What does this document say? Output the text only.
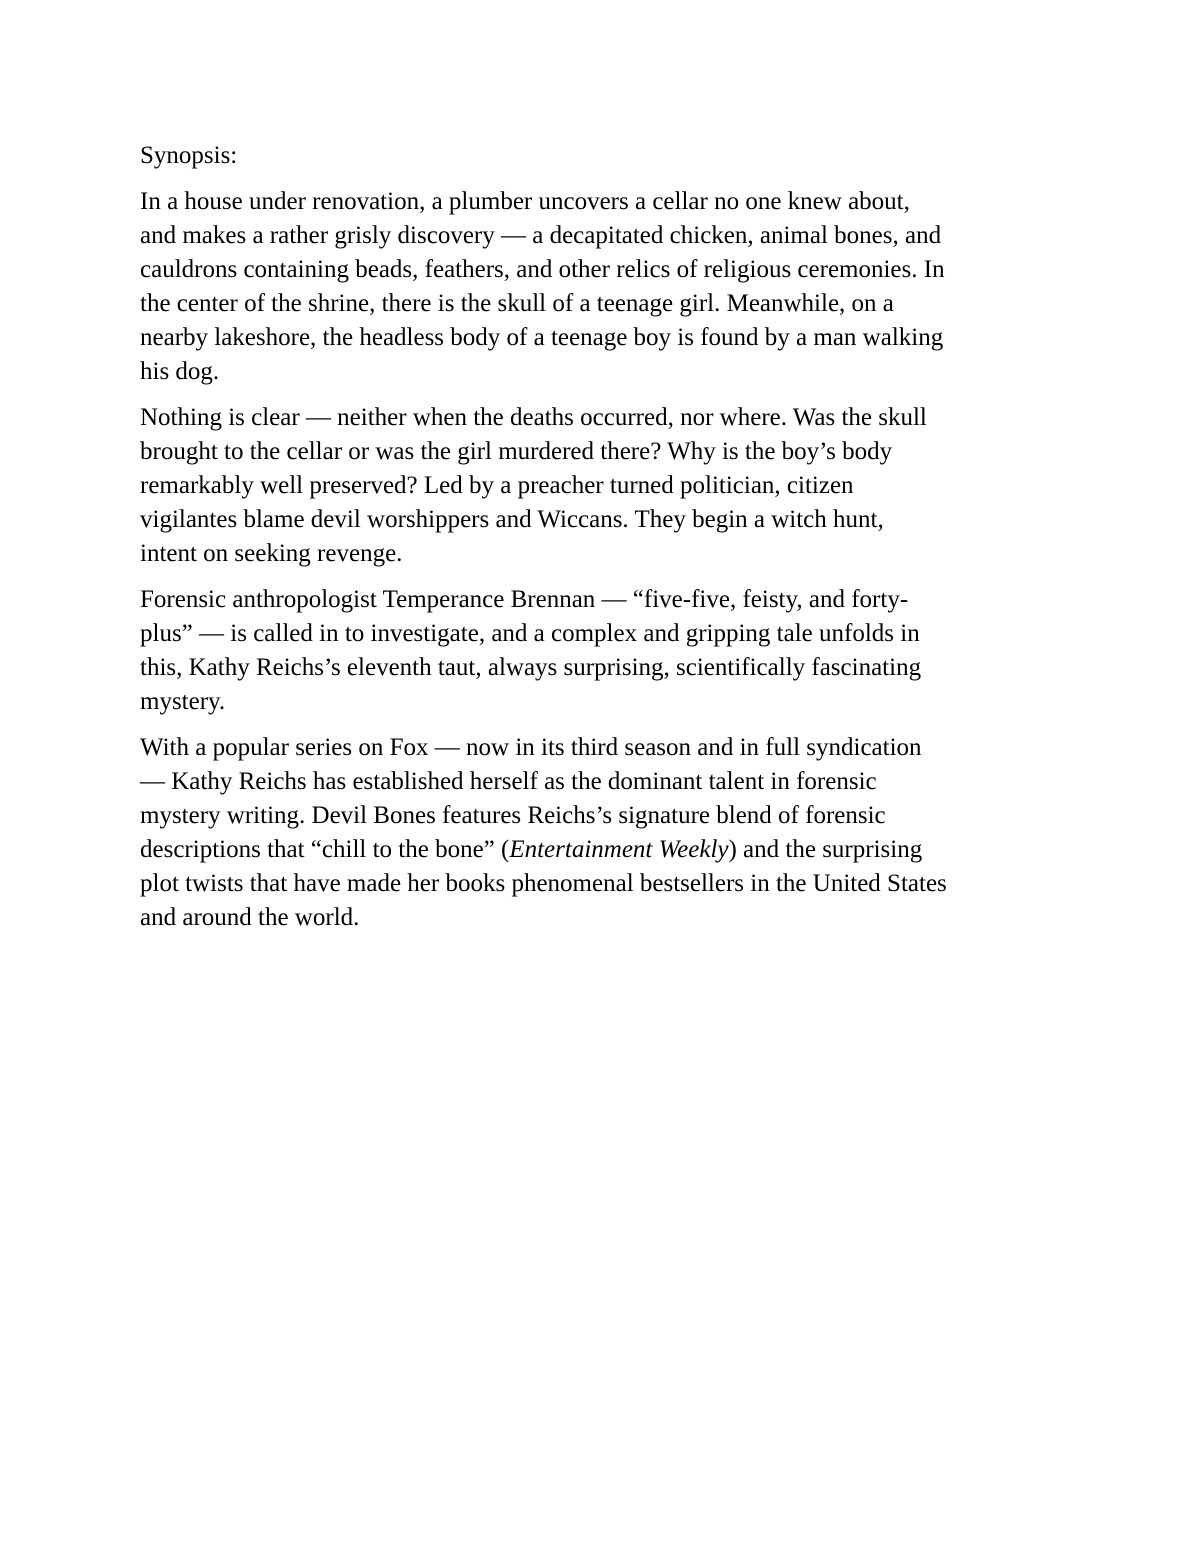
Synopsis:

In a house under renovation, a plumber uncovers a cellar no one knew about,
and makes a rather grisly discovery — a decapitated chicken, animal bones, and
cauldrons containing beads, feathers, and other relics of religious ceremonies. In
the center of the shrine, there is the skull of a teenage girl. Meanwhile, on a
nearby lakeshore, the headless body of a teenage boy is found by a man walking
his dog.

Nothing is clear — neither when the deaths occurred, nor where. Was the skull
brought to the cellar or was the girl murdered there? Why is the boy’s body
remarkably well preserved? Led by a preacher turned politician, citizen
vigilantes blame devil worshippers and Wiccans. They begin a witch hunt,
intent on seeking revenge.

Forensic anthropologist Temperance Brennan — “five-five, feisty, and forty-
plus” — is called in to investigate, and a complex and gripping tale unfolds in
this, Kathy Reichs’s eleventh taut, always surprising, scientifically fascinating
mystery.

With a popular series on Fox — now in its third season and in full syndication
— Kathy Reichs has established herself as the dominant talent in forensic
mystery writing. Devil Bones features Reichs’s signature blend of forensic
descriptions that “chill to the bone” (Entertainment Weekly) and the surprising
plot twists that have made her books phenomenal bestsellers in the United States
and around the world.
